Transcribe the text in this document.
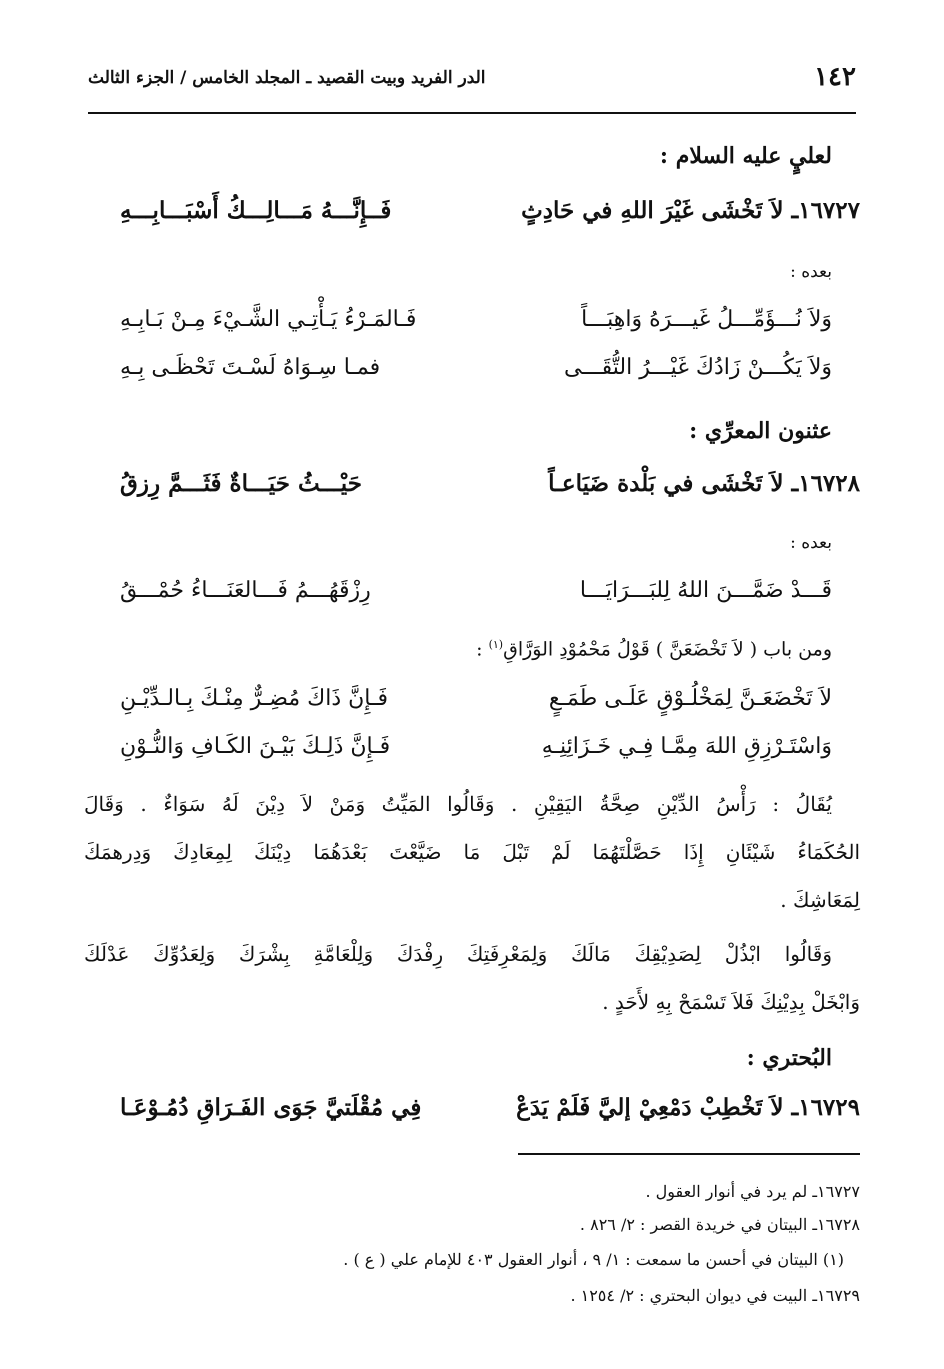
١٤٢
الدر الفريد وبيت القصيد ـ المجلد الخامس / الجزء الثالث
لعليٍ عليه السلام :
١٦٧٢٧ـ لاَ تَخْشَى غَيْرَ اللهِ في حَادِثٍ
فَــإِنَّـــهُ مَـــالِـــكُ أَسْبَـــابِـــهِ
بعده :
وَلاَ نُـــؤَمِّـــلُ غَيـــرَهُ وَاهِبَـــاً
فَـالمَـرْءُ يَـأْتِـي الشَّـيْءَ مِـنْ بَـابِـهِ
وَلاَ يَكُـــنْ زَادُكَ غَيْـــرُ التُّقَـــى
فمـا سِـوَاهُ لَسْـتَ تَحْظَـى بِـهِ
عثنون المعرِّي :
١٦٧٢٨ـ لاَ تَخْشَى في بَلْدة ضَيَاعـاً
حَيْـــثُ حَيَـــاةٌ فَثَـــمَّ رِزقُ
بعده :
قَـــدْ ضَمَّـــنَ اللهُ لِلبَـــرَايَـــا
رِزْقَهُـــمُ فَـــالعَنَـــاءُ حُمْـــقُ
ومن باب ( لاَ تَخْضَعَنَّ ) قَوْلُ مَحْمُوْدِ الوَرَّاقِ$^{(١)}$ :
لاَ تَخْضَعَـنَّ لِمَخْلُـوْقٍ عَلَـى طَمَـعٍ
فَـإِنَّ ذَاكَ مُضِـرٌّ مِنْـكَ بِـالـدِّيْـنِ
وَاسْتَـرْزِقِ اللهَ مِمَّـا فِـي خَـزَائِنِـهِ
فَـإِنَّ ذَلِـكَ بَيْـنَ الكَـافِ وَالنُّـوْنِ
يُقَالُ : رَأْسُ الدِّيْنِ صِحَّةُ اليَقِيْنِ . وَقَالُوا المَيِّتُ وَمَنْ لاَ دِيْنَ لَهُ سَوَاءٌ . وَقَالَ
الحُكَمَاءُ شَيْئَانِ إِذَا حَصَّلْتَهُمَا لَمْ تَبْلَ مَا ضَيَّعْتَ بَعْدَهُمَا دِيْنَكَ لِمِعَادِكَ وَدِرهمَكَ
لِمَعَاشِكَ .
وَقَالُوا ابْذُلْ لِصَدِيْقِكَ مَالَكَ وَلِمَعْرِفَتِكَ رِفْدَكَ وَلِلْعَامَّةِ بِشْرَكَ وَلِعَدُوِّكَ عَدْلَكَ
وَابْخَلْ بِدِيْنِكَ فَلاَ تَسْمَحْ بِهِ لأَحَدٍ .
البُحتري :
١٦٧٢٩ـ لاَ تَخْطِبْ دَمْعِيْ إليَّ فَلَمْ يَدَعْ
فِي مُقْلَتيَّ جَوَى الفَـرَاقِ دُمُـوْعَـا
١٦٧٢٧ـ لم يرد في أنوار العقول .
١٦٧٢٨ـ البيتان في خريدة القصر : ٢/ ٨٢٦ .
(١) البيتان في أحسن ما سمعت : ١/ ٩ ، أنوار العقول ٤٠٣ للإمام علي ( ع ) .
١٦٧٢٩ـ البيت في ديوان البحتري : ٢/ ١٢٥٤ .
